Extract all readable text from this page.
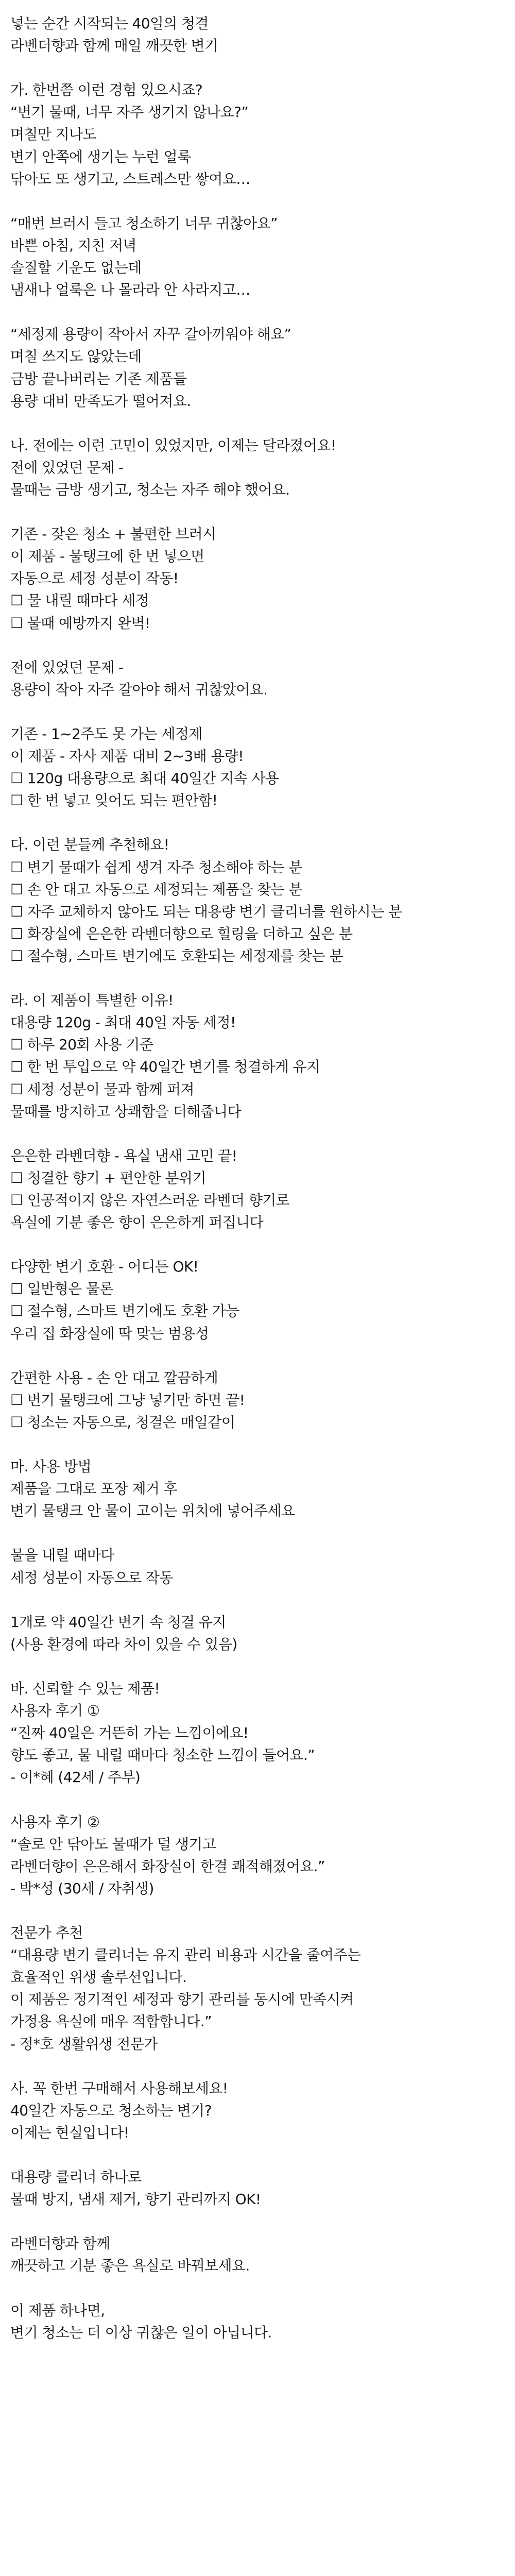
넣는 순간 시작되는 40일의 청결
라벤더향과 함께 매일 깨끗한 변기
가. 한번쯤 이런 경험 있으시죠?
“변기 물때, 너무 자주 생기지 않나요?”
며칠만 지나도
변기 안쪽에 생기는 누런 얼룩
닦아도 또 생기고, 스트레스만 쌓여요…
“매번 브러시 들고 청소하기 너무 귀찮아요”
바쁜 아침, 지친 저녁
솔질할 기운도 없는데
냄새나 얼룩은 나 몰라라 안 사라지고…
“세정제 용량이 작아서 자꾸 갈아끼워야 해요”
며칠 쓰지도 않았는데
금방 끝나버리는 기존 제품들
용량 대비 만족도가 떨어져요.
나. 전에는 이런 고민이 있었지만, 이제는 달라졌어요!
전에 있었던 문제 -
물때는 금방 생기고, 청소는 자주 해야 했어요.
기존 - 잦은 청소 + 불편한 브러시
이 제품 - 물탱크에 한 번 넣으면
자동으로 세정 성분이 작동!
☐ 물 내릴 때마다 세정
☐ 물때 예방까지 완벽!
전에 있었던 문제 -
용량이 작아 자주 갈아야 해서 귀찮았어요.
기존 - 1~2주도 못 가는 세정제
이 제품 - 자사 제품 대비 2~3배 용량!
☐ 120g 대용량으로 최대 40일간 지속 사용
☐ 한 번 넣고 잊어도 되는 편안함!
다. 이런 분들께 추천해요!
☐ 변기 물때가 쉽게 생겨 자주 청소해야 하는 분
☐ 손 안 대고 자동으로 세정되는 제품을 찾는 분
☐ 자주 교체하지 않아도 되는 대용량 변기 클리너를 원하시는 분
☐ 화장실에 은은한 라벤더향으로 힐링을 더하고 싶은 분
☐ 절수형, 스마트 변기에도 호환되는 세정제를 찾는 분
라. 이 제품이 특별한 이유!
대용량 120g - 최대 40일 자동 세정!
☐ 하루 20회 사용 기준
☐ 한 번 투입으로 약 40일간 변기를 청결하게 유지
☐ 세정 성분이 물과 함께 퍼져
물때를 방지하고 상쾌함을 더해줍니다
은은한 라벤더향 - 욕실 냄새 고민 끝!
☐ 청결한 향기 + 편안한 분위기
☐ 인공적이지 않은 자연스러운 라벤더 향기로
욕실에 기분 좋은 향이 은은하게 퍼집니다
다양한 변기 호환 - 어디든 OK!
☐ 일반형은 물론
☐ 절수형, 스마트 변기에도 호환 가능
우리 집 화장실에 딱 맞는 범용성
간편한 사용 - 손 안 대고 깔끔하게
☐ 변기 물탱크에 그냥 넣기만 하면 끝!
☐ 청소는 자동으로, 청결은 매일같이
마. 사용 방법
제품을 그대로 포장 제거 후
변기 물탱크 안 물이 고이는 위치에 넣어주세요
물을 내릴 때마다
세정 성분이 자동으로 작동
1개로 약 40일간 변기 속 청결 유지
(사용 환경에 따라 차이 있을 수 있음)
바. 신뢰할 수 있는 제품!
사용자 후기 ①
“진짜 40일은 거뜬히 가는 느낌이에요!
향도 좋고, 물 내릴 때마다 청소한 느낌이 들어요.”
- 이*혜 (42세 / 주부)
사용자 후기 ②
“솔로 안 닦아도 물때가 덜 생기고
라벤더향이 은은해서 화장실이 한결 쾌적해졌어요.”
- 박*성 (30세 / 자취생)
전문가 추천
“대용량 변기 클리너는 유지 관리 비용과 시간을 줄여주는
효율적인 위생 솔루션입니다.
이 제품은 정기적인 세정과 향기 관리를 동시에 만족시켜
가정용 욕실에 매우 적합합니다.”
- 정*호 생활위생 전문가
사. 꼭 한번 구매해서 사용해보세요!
40일간 자동으로 청소하는 변기?
이제는 현실입니다!
대용량 클리너 하나로
물때 방지, 냄새 제거, 향기 관리까지 OK!
라벤더향과 함께
깨끗하고 기분 좋은 욕실로 바꿔보세요.
이 제품 하나면,
변기 청소는 더 이상 귀찮은 일이 아닙니다.
